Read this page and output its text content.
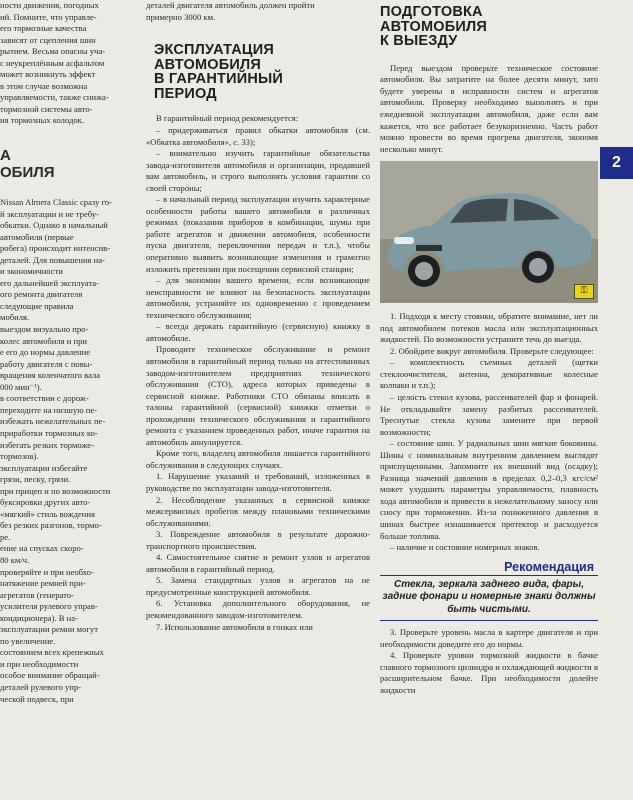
ности движения, погодных

ий. Помните, что управле-

его тормозные качества

зависят от сцепления шин

рытием. Весьма опасны уча-

с неукреплённым асфальтом

может возникнуть эффект

в этом случае возможна

управляемости, также снижа-

тормозной системы авто-

ия тормозных колодок.

А

ОБИЛЯ

Nissan Almera Classic сразу го-

й эксплуатации и не требу-

обкатки. Однако в начальный

автомобиля (первые

робега) происходит интенсив-

деталей. Для повышения на-

и экономичности

его дальнейшей эксплуата-

ого ремонта двигателя

следующие правила

мобиля.

выездом визуально про-

колес автомобиля и при

е его до нормы давление

работу двигателя с повы-

вращения коленчатого вала

000 мин⁻¹).

в соответствии с дорож-

переходите на низшую пе-

избежать нежелательных пе-

приработки тормозных ко-

избегать резких торможе-

тормозов).

эксплуатации избегайте

грязи, песку, грязи.

при прицеп и по возможности

буксировки других авто-

«мягкий» стиль вождения

без резких разгонов, тормо-

ре.

ение на спусках скоро-

80 км/ч.

проверяйте и при необхо-

натяжение ремней при-

агрегатов (генерато-

усилителя рулевого управ-

кондиционера). В на-

эксплуатации ремни могут

по увеличение.

состоянием всех крепежных

и при необходимости

особое внимание обращай-

деталей рулевого упр-

ческой подвеск, при

деталей двигателя автомобиль должен пройти

примерно 3000 км.

ЭКСПЛУАТАЦИЯ

АВТОМОБИЛЯ

В ГАРАНТИЙНЫЙ

ПЕРИОД

В гарантийный период рекомендуется:

– придерживаться правил обкатки автомобиля (см. «Обкатка автомобиля», с. 33);

– внимательно изучить гарантийные обязательства завода-изготовителя автомобиля и организации, продавшей вам автомобиль, и строго выполнять условия гарантии со своей стороны;

– в начальный период эксплуатации изучить характерные особенности работы вашего автомобиля в различных режимах (показания приборов в комбинации, шумы при работе агрегатов и движении автомобиля, особенности пуска двигателя, переключения передач и т.п.), чтобы оперативно выявить возникающие изменения и грамотно изложить претензии при посещении сервисной станции;

– для экономии вашего времени, если возникающие неисправности не влияют на безопасность эксплуатации автомобиля, устраняйте их одновременно с проведением технического обслуживания;

– всегда держать гарантийную (сервисную) книжку в автомобиле.

Проводите техническое обслуживание и ремонт автомобиля в гарантийный период только на аттестованных заводом-изготовителем предприятиях технического обслуживания (СТО), адреса которых приведены в сервисной книжке. Работники СТО обязаны вписать в талоны гарантийной (сервисной) книжки отметки о прохождении технического обслуживания и гарантийного ремонта с указанием проведенных работ, иначе гарантия на автомобиль аннулируется.

Кроме того, владелец автомобиля лишается гарантийного обслуживания в следующих случаях.

1. Нарушение указаний и требований, изложенных в руководстве по эксплуатации завода-изготовителя.

2. Несоблюдение указанных в сервисной книжке межсервисных пробегов между плановыми техническими обслуживаниями.

3. Повреждение автомобиля в результате дорожно-транспортного происшествия.

4. Самостоятельное снятие и ремонт узлов и агрегатов автомобиля в гарантийный период.

5. Замена стандартных узлов и агрегатов на не предусмотренные конструкцией автомобиля.

6. Установка дополнительного оборудования, не рекомендованного заводом-изготовителем.

7. Использование автомобиля в гонках или

ПОДГОТОВКА

АВТОМОБИЛЯ

К ВЫЕЗДУ

Перед выездом проверьте техническое состояние автомобиля. Вы затратите на более десяти минут, зато будете уверены в исправности систем и агрегатов автомобиля. Проверку необходимо выполнять и при ежедневной эксплуатации автомобиля, даже если вам кажется, что все работает безукоризненно. Часть работ можно провести во время прогрева двигателя, экономя несколько минут.

⚿

1. Подходя к месту стоянки, обратите внимание, нет ли под автомобилем потеков масла или эксплуатационных жидкостей. По возможности устраните течь до выезда.

2. Обойдите вокруг автомобиля. Проверьте следующее:

– комплектность съемных деталей (щетки стеклоочистителя, антенна, декоративные колесные колпаки и т.п.);

– целость стекол кузова, рассеивателей фар и фонарей. Не откладывайте замену разбитых рассеивателей. Треснутые стекла кузова замените при первой возможности;

– состояние шин. У радиальных шин мягкие боковины. Шины с номинальным внутренним давлением выглядят приспущенными. Запомните их внешний вид (осадку); Разница значений давления в пределах 0,2–0,3 кгс/см² может ухудшить параметры управляемости, плавность хода автомобиля и привести к нежелательному заносу или сносу при торможении. Из-за пониженного давления в шинах быстрее изнашивается протектор и расходуется больше топлива.

– наличие и состояние номерных знаков.

Рекомендация
Стекла, зеркала заднего вида, фары, задние фонари и номерные знаки должны быть чистыми.

3. Проверьте уровень масла в картере двигателя и при необходимости доведите его до нормы.

4. Проверьте уровни тормозной жидкости в бачке главного тормозного цилиндра и охлаждающей жидкости в расширительном бачке. При необходимости долейте жидкости

2
